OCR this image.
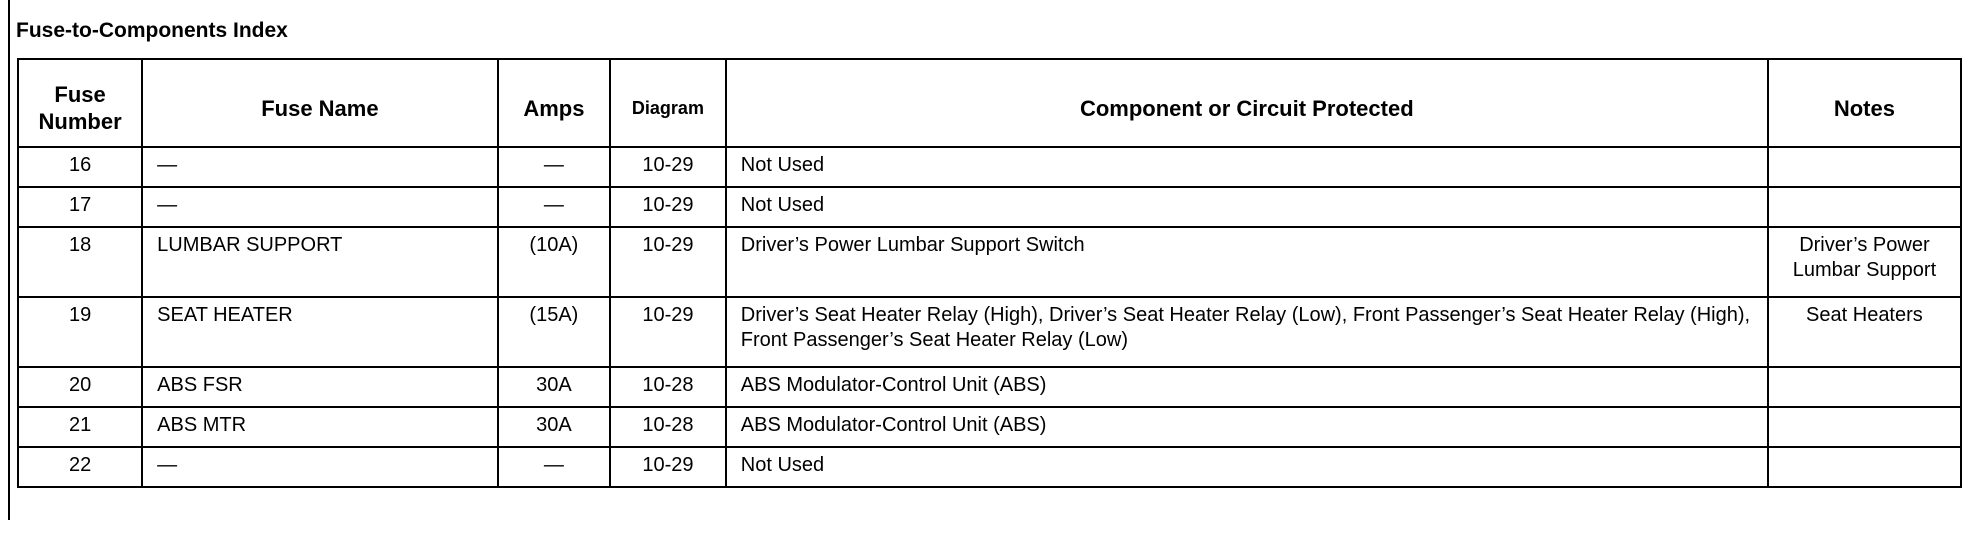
Fuse-to-Components Index
Fuse Number	Fuse Name	Amps	Diagram	Component or Circuit Protected	Notes
16	—	—	10-29	Not Used	
17	—	—	10-29	Not Used	
18	LUMBAR SUPPORT	(10A)	10-29	Driver’s Power Lumbar Support Switch	Driver’s Power Lumbar Support
19	SEAT HEATER	(15A)	10-29	Driver’s Seat Heater Relay (High), Driver’s Seat Heater Relay (Low), Front Passenger’s Seat Heater Relay (High), Front Passenger’s Seat Heater Relay (Low)	Seat Heaters
20	ABS FSR	30A	10-28	ABS Modulator-Control Unit (ABS)	
21	ABS MTR	30A	10-28	ABS Modulator-Control Unit (ABS)	
22	—	—	10-29	Not Used	
